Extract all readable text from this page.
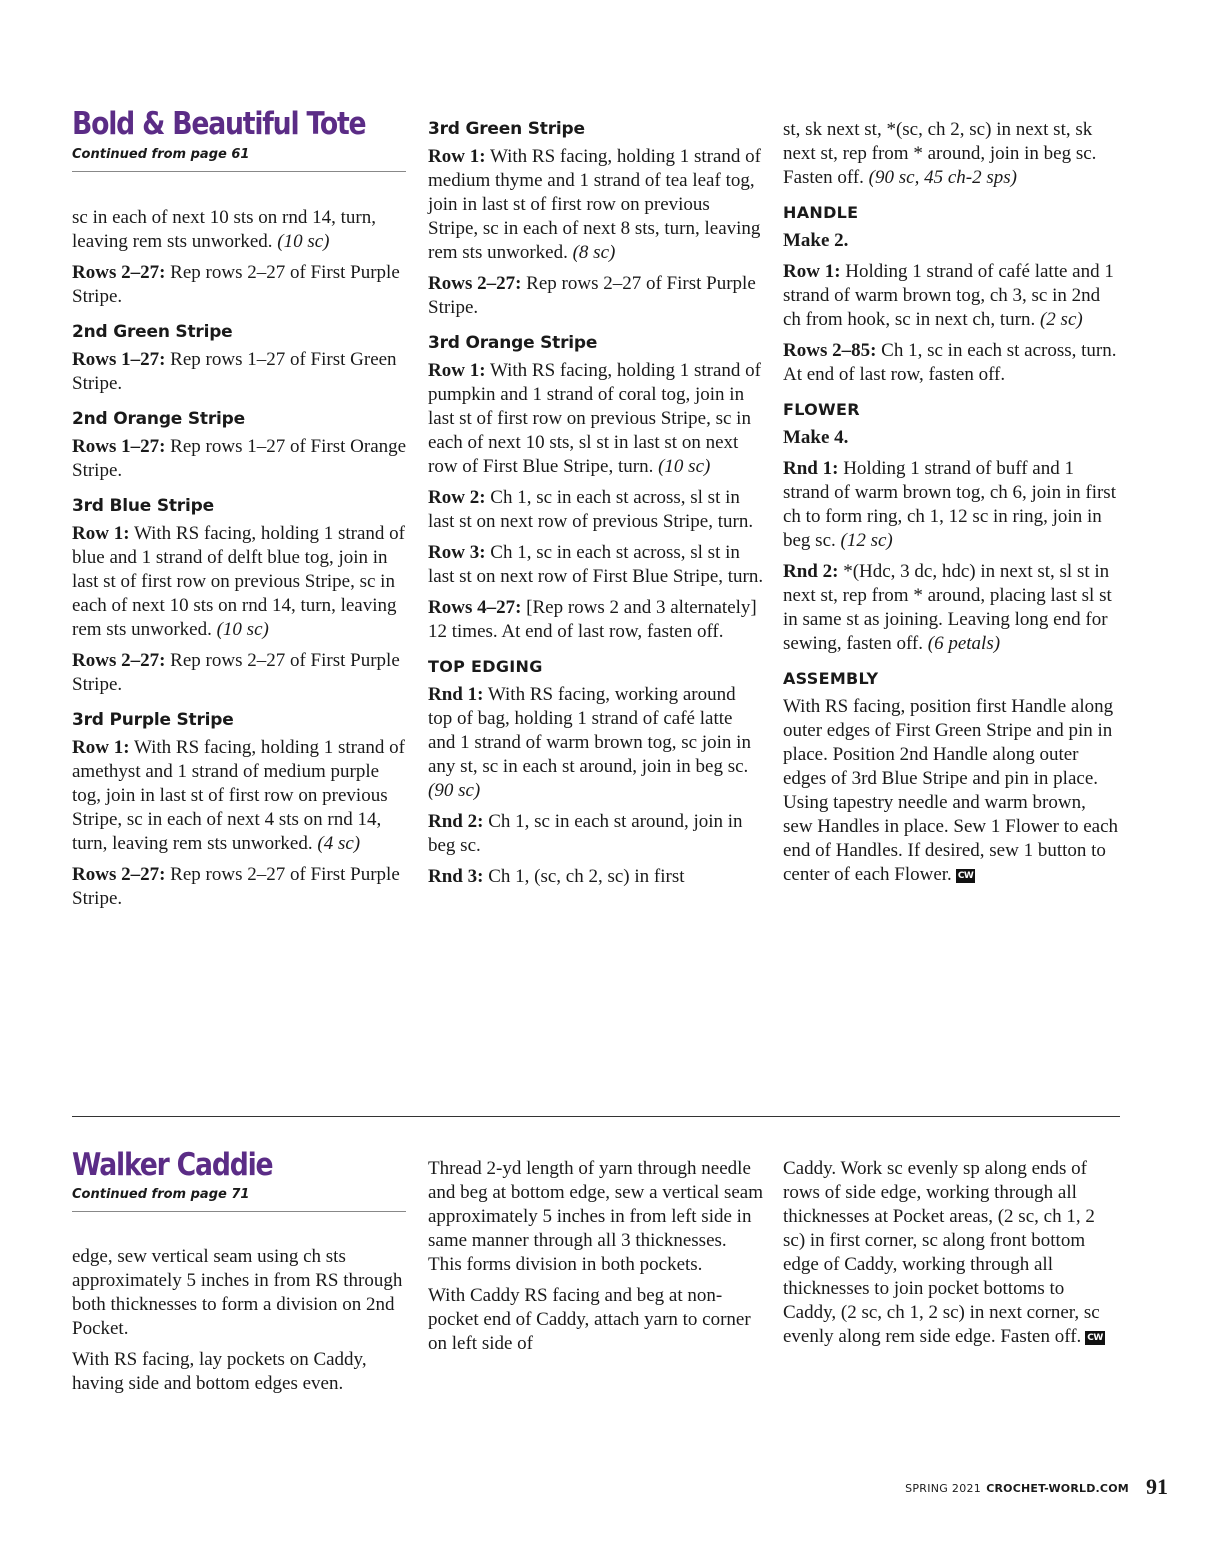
Bold & Beautiful Tote
Continued from page 61

sc in each of next 10 sts on rnd 14, turn, leaving rem sts unworked. (10 sc)

Rows 2–27: Rep rows 2–27 of First Purple Stripe.

2nd Green Stripe

Rows 1–27: Rep rows 1–27 of First Green Stripe.

2nd Orange Stripe

Rows 1–27: Rep rows 1–27 of First Orange Stripe.

3rd Blue Stripe

Row 1: With RS facing, holding 1 strand of blue and 1 strand of delft blue tog, join in last st of first row on previous Stripe, sc in each of next 10 sts on rnd 14, turn, leaving rem sts unworked. (10 sc)

Rows 2–27: Rep rows 2–27 of First Purple Stripe.

3rd Purple Stripe

Row 1: With RS facing, holding 1 strand of amethyst and 1 strand of medium purple tog, join in last st of first row on previous Stripe, sc in each of next 4 sts on rnd 14, turn, leaving rem sts unworked. (4 sc)

Rows 2–27: Rep rows 2–27 of First Purple Stripe.

3rd Green Stripe

Row 1: With RS facing, holding 1 strand of medium thyme and 1 strand of tea leaf tog, join in last st of first row on previous Stripe, sc in each of next 8 sts, turn, leaving rem sts unworked. (8 sc)

Rows 2–27: Rep rows 2–27 of First Purple Stripe.

3rd Orange Stripe

Row 1: With RS facing, holding 1 strand of pumpkin and 1 strand of coral tog, join in last st of first row on previous Stripe, sc in each of next 10 sts, sl st in last st on next row of First Blue Stripe, turn. (10 sc)

Row 2: Ch 1, sc in each st across, sl st in last st on next row of previous Stripe, turn.

Row 3: Ch 1, sc in each st across, sl st in last st on next row of First Blue Stripe, turn.

Rows 4–27: [Rep rows 2 and 3 alternately] 12 times. At end of last row, fasten off.

TOP EDGING

Rnd 1: With RS facing, working around top of bag, holding 1 strand of café latte and 1 strand of warm brown tog, sc join in any st, sc in each st around, join in beg sc. (90 sc)

Rnd 2: Ch 1, sc in each st around, join in beg sc.

Rnd 3: Ch 1, (sc, ch 2, sc) in first

st, sk next st, *(sc, ch 2, sc) in next st, sk next st, rep from * around, join in beg sc. Fasten off. (90 sc, 45 ch-2 sps)

HANDLE

Make 2.

Row 1: Holding 1 strand of café latte and 1 strand of warm brown tog, ch 3, sc in 2nd ch from hook, sc in next ch, turn. (2 sc)

Rows 2–85: Ch 1, sc in each st across, turn. At end of last row, fasten off.

FLOWER

Make 4.

Rnd 1: Holding 1 strand of buff and 1 strand of warm brown tog, ch 6, join in first ch to form ring, ch 1, 12 sc in ring, join in beg sc. (12 sc)

Rnd 2: *(Hdc, 3 dc, hdc) in next st, sl st in next st, rep from * around, placing last sl st in same st as joining. Leaving long end for sewing, fasten off. (6 petals)

ASSEMBLY

With RS facing, position first Handle along outer edges of First Green Stripe and pin in place. Position 2nd Handle along outer edges of 3rd Blue Stripe and pin in place. Using tapestry needle and warm brown, sew Handles in place. Sew 1 Flower to each end of Handles. If desired, sew 1 button to center of each Flower. CW

Walker Caddie
Continued from page 71

edge, sew vertical seam using ch sts approximately 5 inches in from RS through both thicknesses to form a division on 2nd Pocket.

With RS facing, lay pockets on Caddy, having side and bottom edges even.

Thread 2-yd length of yarn through needle and beg at bottom edge, sew a vertical seam approximately 5 inches in from left side in same manner through all 3 thicknesses. This forms division in both pockets.

With Caddy RS facing and beg at non-pocket end of Caddy, attach yarn to corner on left side of

Caddy. Work sc evenly sp along ends of rows of side edge, working through all thicknesses at Pocket areas, (2 sc, ch 1, 2 sc) in first corner, sc along front bottom edge of Caddy, working through all thicknesses to join pocket bottoms to Caddy, (2 sc, ch 1, 2 sc) in next corner, sc evenly along rem side edge. Fasten off. CW

SPRING 2021 CROCHET-WORLD.COM 91
